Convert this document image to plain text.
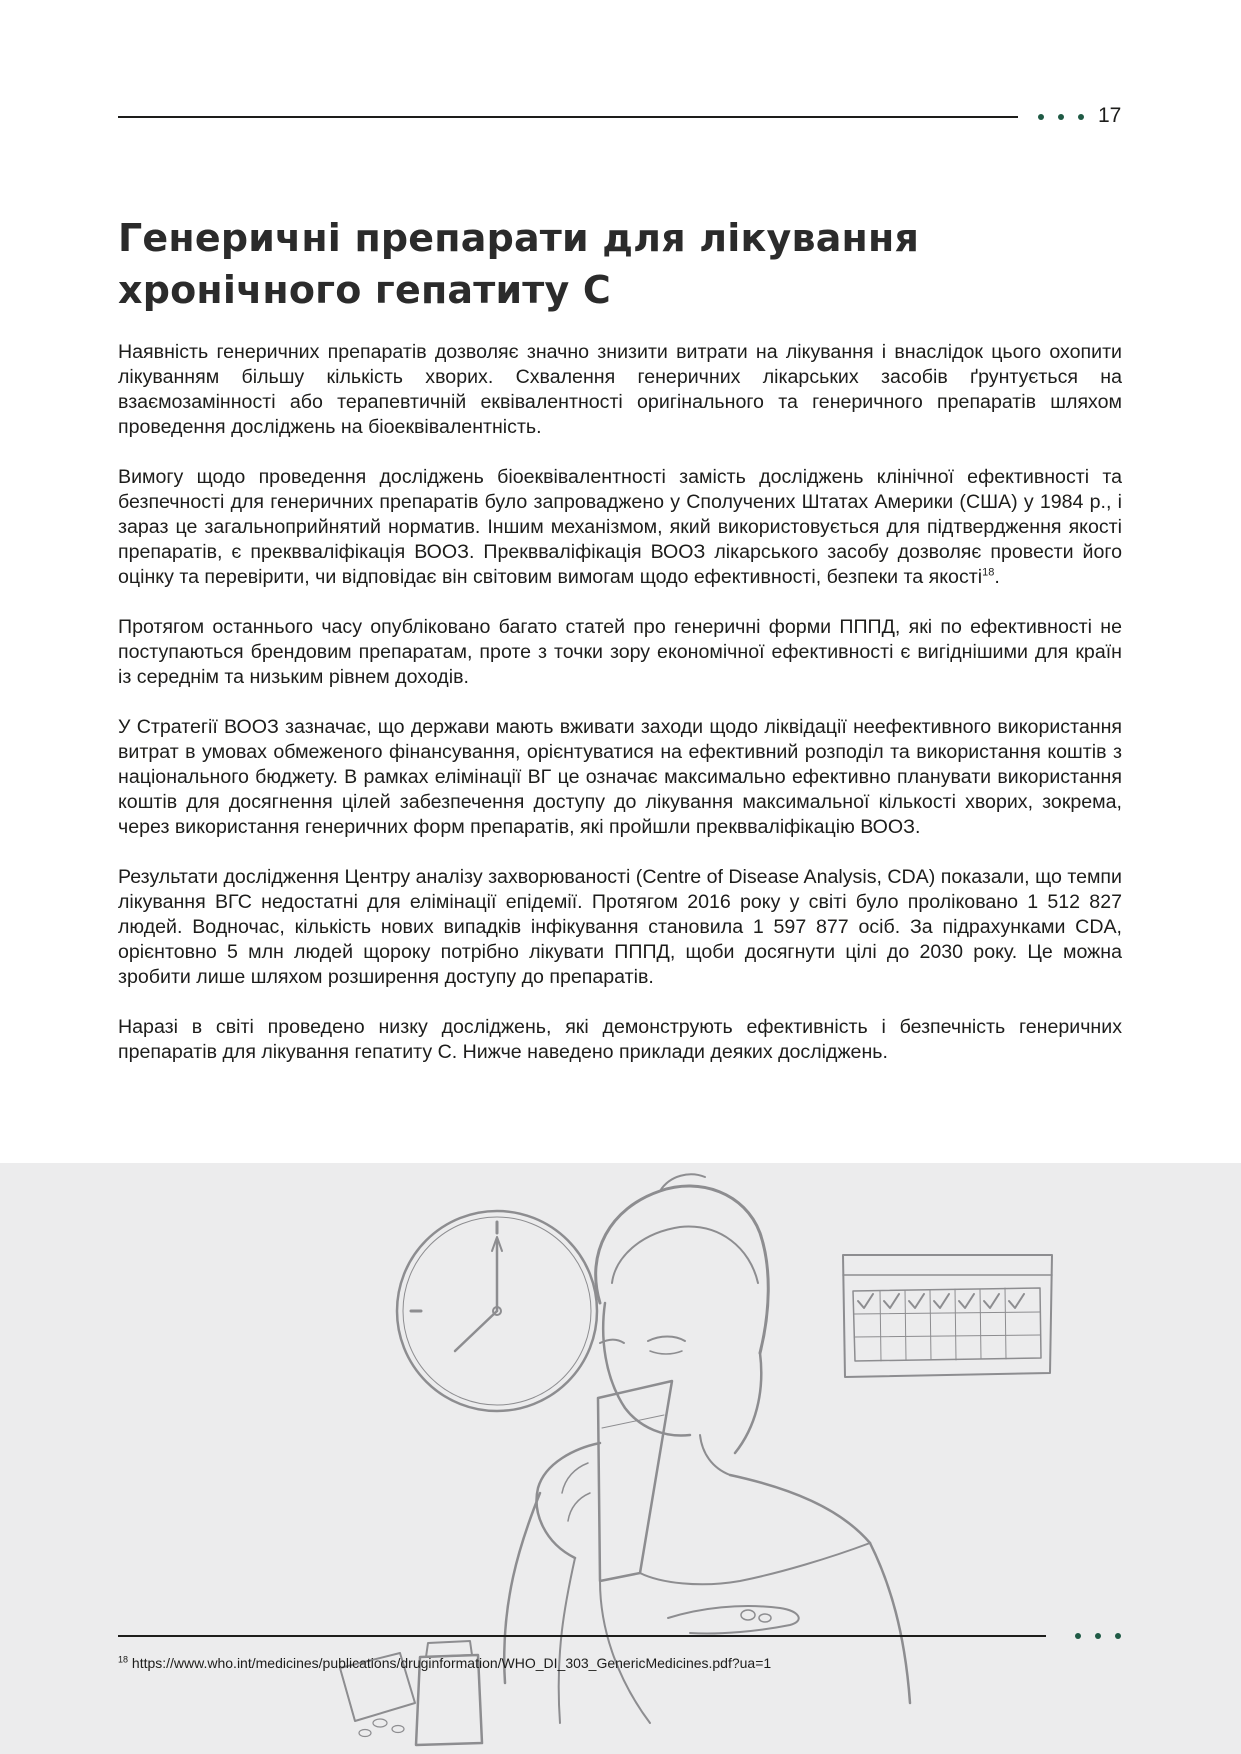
17
Генеричні препарати для лікування хронічного гепатиту С

Наявність генеричних препаратів дозволяє значно знизити витрати на лікування і внаслідок цього охопити лікуванням більшу кількість хворих. Схвалення генеричних лікарських засобів ґрунтується на взаємозамінності або терапевтичній еквівалентності оригінального та генеричного препаратів шляхом проведення досліджень на біоеквівалентність.

Вимогу щодо проведення досліджень біоеквівалентності замість досліджень клінічної ефективності та безпечності для генеричних препаратів було запроваджено у Сполучених Штатах Америки (США) у 1984 р., і зараз це загальноприйнятий норматив. Іншим механізмом, який використовується для підтвердження якості препаратів, є преквваліфікація ВООЗ. Преквваліфікація ВООЗ лікарського засобу дозволяє провести його оцінку та перевірити, чи відповідає він світовим вимогам щодо ефективності, безпеки та якості$^{18}$.

Протягом останнього часу опубліковано багато статей про генеричні форми ПППД, які по ефективності не поступаються брендовим препаратам, проте з точки зору економічної ефективності є вигіднішими для країн із середнім та низьким рівнем доходів.

У Стратегії ВООЗ зазначає, що держави мають вживати заходи щодо ліквідації неефективного використання витрат в умовах обмеженого фінансування, орієнтуватися на ефективний розподіл та використання коштів з національного бюджету. В рамках елімінації ВГ це означає максимально ефективно планувати використання коштів для досягнення цілей забезпечення доступу до лікування максимальної кількості хворих, зокрема, через використання генеричних форм препаратів, які пройшли преквваліфікацію ВООЗ.

Результати дослідження Центру аналізу захворюваності (Centre of Disease Analysis, CDA) показали, що темпи лікування ВГС недостатні для елімінації епідемії. Протягом 2016 року у світі було проліковано 1 512 827 людей. Водночас, кількість нових випадків інфікування становила 1 597 877 осіб. За підрахунками CDA, орієнтовно 5 млн людей щороку потрібно лікувати ПППД, щоби досягнути цілі до 2030 року. Це можна зробити лише шляхом розширення доступу до препаратів.

Наразі в світі проведено низку досліджень, які демонструють ефективність і безпечність генеричних препаратів для лікування гепатиту С. Нижче наведено приклади деяких досліджень.

$^{18}$ https://www.who.int/medicines/publications/druginformation/WHO_DI_303_GenericMedicines.pdf?ua=1
